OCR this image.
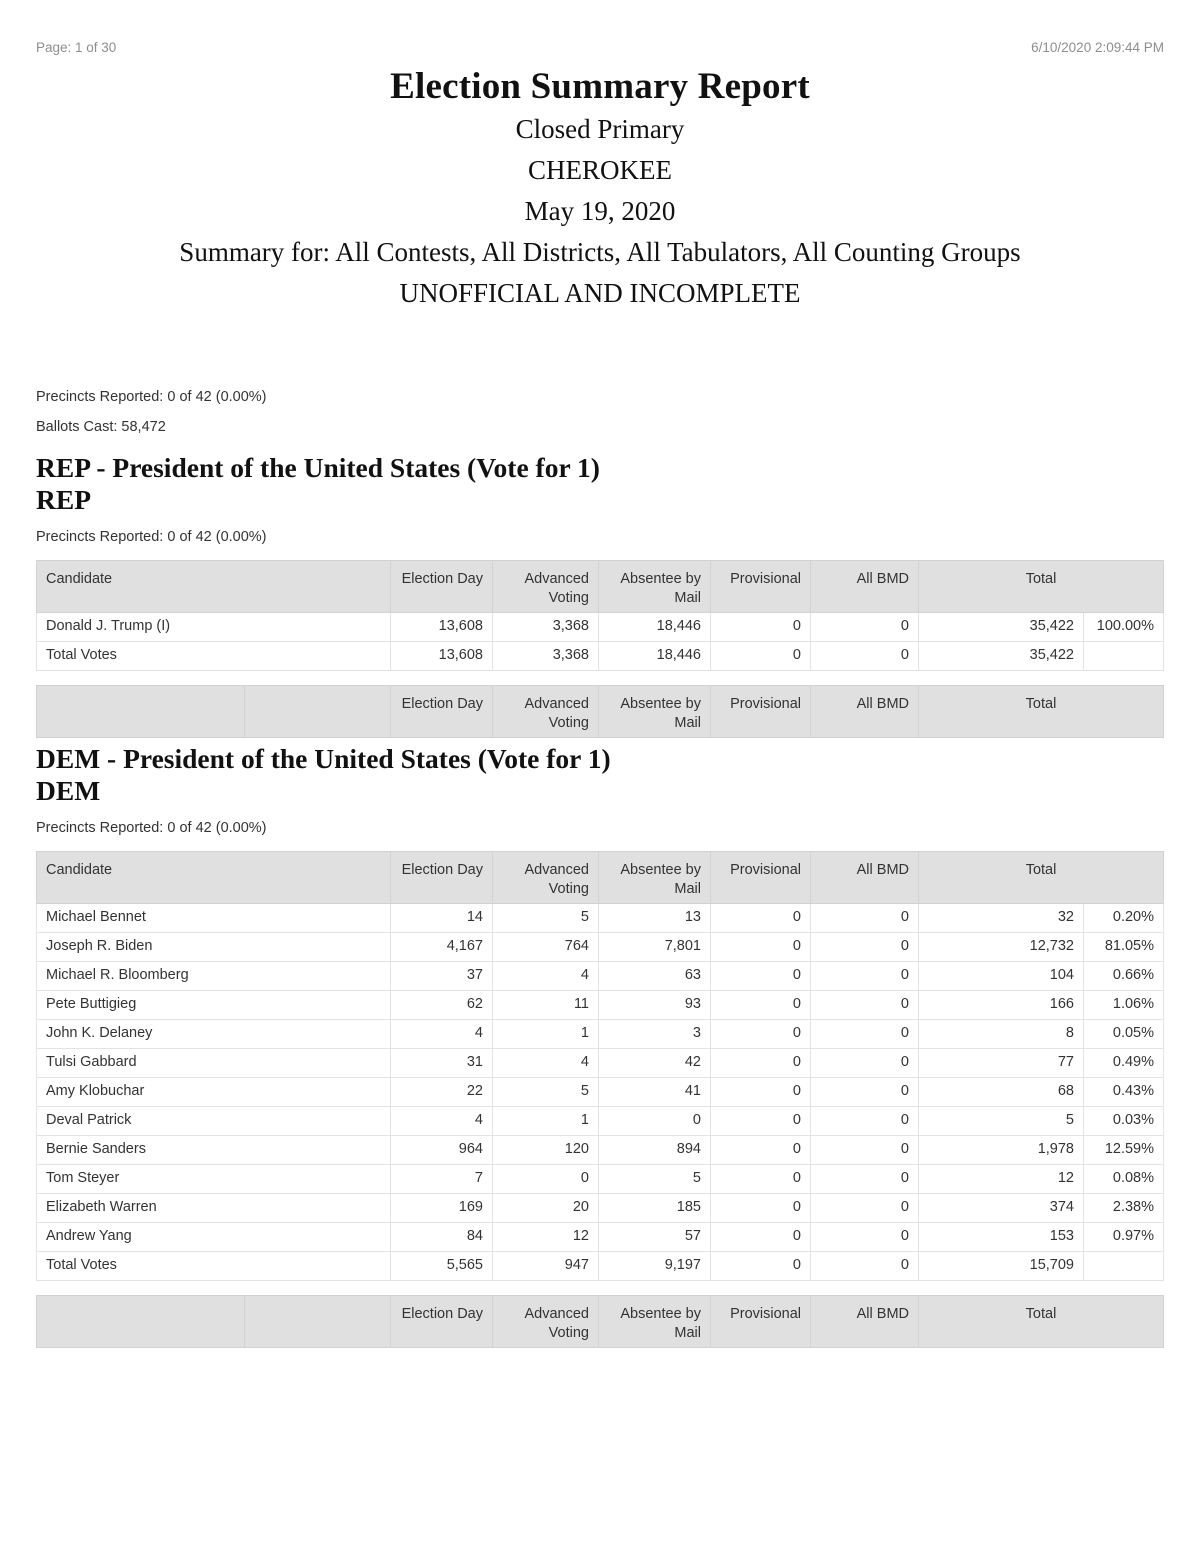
Page: 1 of 30	6/10/2020 2:09:44 PM
Election Summary Report
Closed Primary
CHEROKEE
May 19, 2020
Summary for: All Contests, All Districts, All Tabulators, All Counting Groups
UNOFFICIAL AND INCOMPLETE
Precincts Reported: 0 of 42 (0.00%)
Ballots Cast: 58,472
REP - President of the United States (Vote for 1)
REP
Precincts Reported: 0 of 42 (0.00%)
Candidate	Election Day	Advanced Voting	Absentee by Mail	Provisional	All BMD	Total	
Donald J. Trump (I)	13,608	3,368	18,446	0	0	35,422	100.00%
Total Votes	13,608	3,368	18,446	0	0	35,422	
		Election Day	Advanced Voting	Absentee by Mail	Provisional	All BMD	Total
DEM - President of the United States (Vote for 1)
DEM
Precincts Reported: 0 of 42 (0.00%)
Candidate	Election Day	Advanced Voting	Absentee by Mail	Provisional	All BMD	Total	
Michael Bennet	14	5	13	0	0	32	0.20%
Joseph R. Biden	4,167	764	7,801	0	0	12,732	81.05%
Michael R. Bloomberg	37	4	63	0	0	104	0.66%
Pete Buttigieg	62	11	93	0	0	166	1.06%
John K. Delaney	4	1	3	0	0	8	0.05%
Tulsi Gabbard	31	4	42	0	0	77	0.49%
Amy Klobuchar	22	5	41	0	0	68	0.43%
Deval Patrick	4	1	0	0	0	5	0.03%
Bernie Sanders	964	120	894	0	0	1,978	12.59%
Tom Steyer	7	0	5	0	0	12	0.08%
Elizabeth Warren	169	20	185	0	0	374	2.38%
Andrew Yang	84	12	57	0	0	153	0.97%
Total Votes	5,565	947	9,197	0	0	15,709	
		Election Day	Advanced Voting	Absentee by Mail	Provisional	All BMD	Total
